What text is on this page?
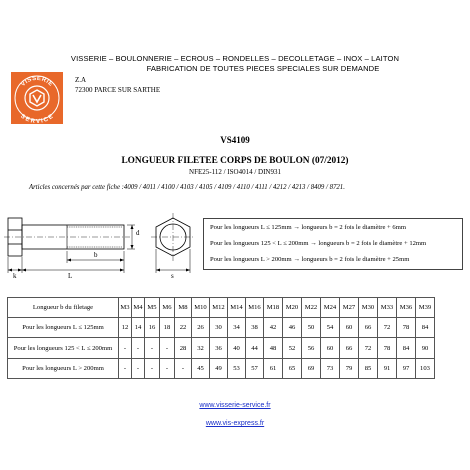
VISSERIE – BOULONNERIE – ECROUS – RONDELLES – DECOLLETAGE – INOX – LAITON
FABRICATION DE TOUTES PIECES SPECIALES SUR DEMANDE
VISSERIE
SERVICE
Z.A
72300 PARCE SUR SARTHE
VS4109
LONGUEUR FILETEE CORPS DE BOULON (07/2012)
NFE25-112 / ISO4014 / DIN931
Articles concernés par cette fiche :4009 / 4011 / 4100 / 4103 / 4105 / 4109 / 4110 / 4111 / 4212 / 4213 / 8409 / 8721.
d
b
k	L	s
Pour les longueurs L ≤ 125mm → longueurs b = 2 fois le diamètre + 6mm
Pour les longueurs 125 < L ≤ 200mm → longueurs b = 2 fois le diamètre + 12mm
Pour les longueurs L > 200mm → longueurs b = 2 fois le diamètre + 25mm
Longueur b du filetage	M3	M4	M5	M6	M8	M10	M12	M14	M16	M18	M20	M22	M24	M27	M30	M33	M36	M39
Pour les longueurs L ≤ 125mm	12	14	16	18	22	26	30	34	38	42	46	50	54	60	66	72	78	84
Pour les longueurs 125 < L ≤ 200mm	-	-	-	-	28	32	36	40	44	48	52	56	60	66	72	78	84	90
Pour les longueurs L > 200mm	-	-	-	-	-	45	49	53	57	61	65	69	73	79	85	91	97	103
www.visserie-service.fr
www.vis-express.fr
